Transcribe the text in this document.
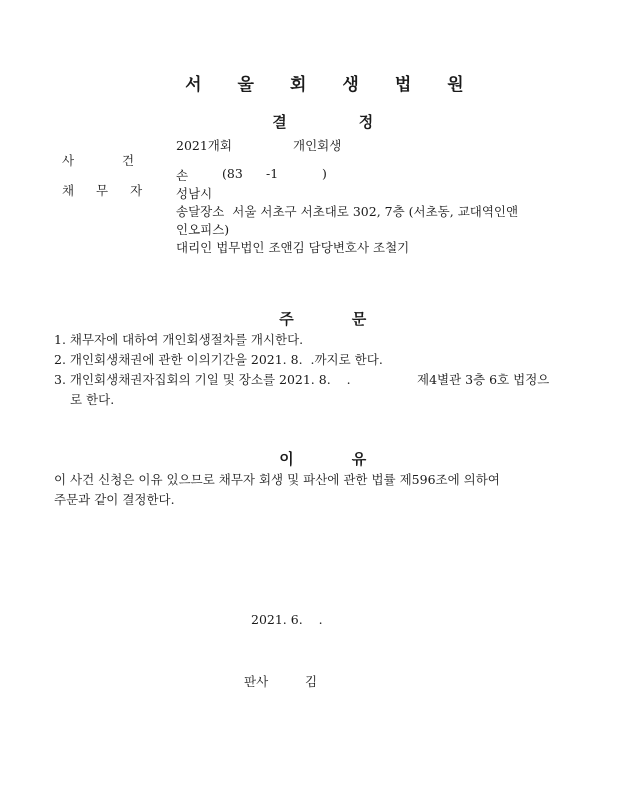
서 울 회 생 법 원

결	정

사	건

2021개회	개인회생

채 무 자

손	(83 -1	)
성남시
송달장소  서울 서초구 서초대로 302, 7층 (서초동, 교대역인앤
인오피스)
대리인 법무법인 조앤김 담당변호사 조철기

주	문

1. 채무자에 대하여 개인회생절차를 개시한다.
2. 개인회생채권에 관한 이의기간을 2021. 8.  .까지로 한다.
3. 개인회생채권자집회의 기일 및 장소를 2021. 8.    .	제4별관 3층 6호 법정으
로 한다.

이	유

이 사건 신청은 이유 있으므로 채무자 회생 및 파산에 관한 법률 제596조에 의하여
주문과 같이 결정한다.
2021. 6.    .
판사	김
